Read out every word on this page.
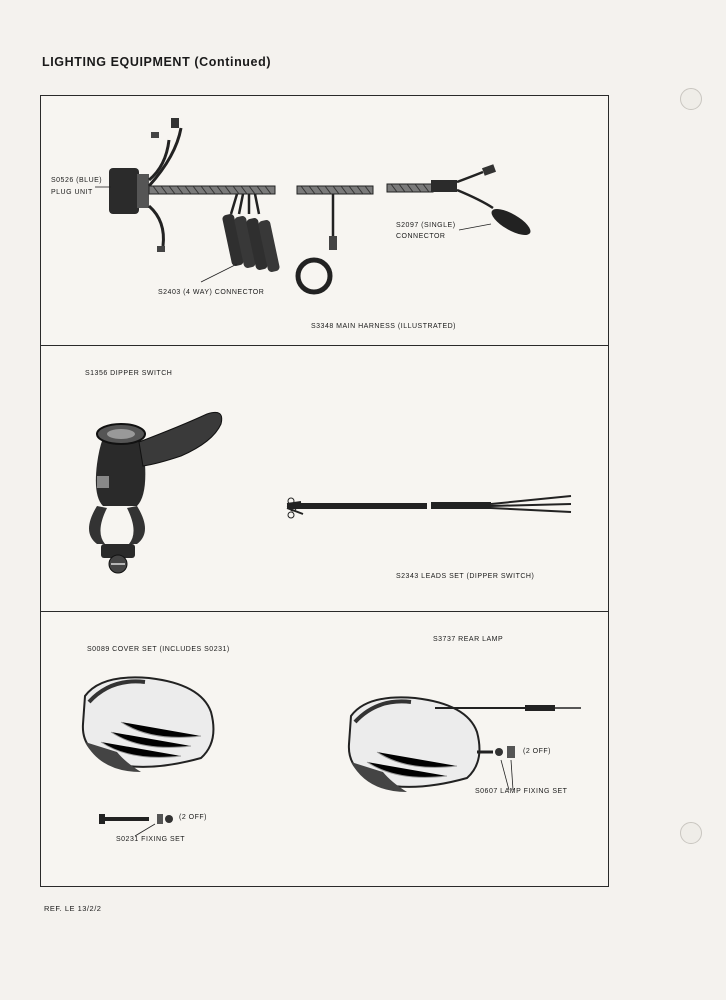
LIGHTING EQUIPMENT (Continued)
S0526 (BLUE)
PLUG UNIT
S2097 (SINGLE)
CONNECTOR
S2403 (4 WAY) CONNECTOR
S3348 MAIN HARNESS (ILLUSTRATED)
S1356 DIPPER SWITCH
S2343 LEADS SET (DIPPER SWITCH)
S0089 COVER SET (INCLUDES S0231)
S3737 REAR LAMP
(2 OFF)
S0231 FIXING SET
(2 OFF)
S0607 LAMP FIXING SET
REF. LE 13/2/2
